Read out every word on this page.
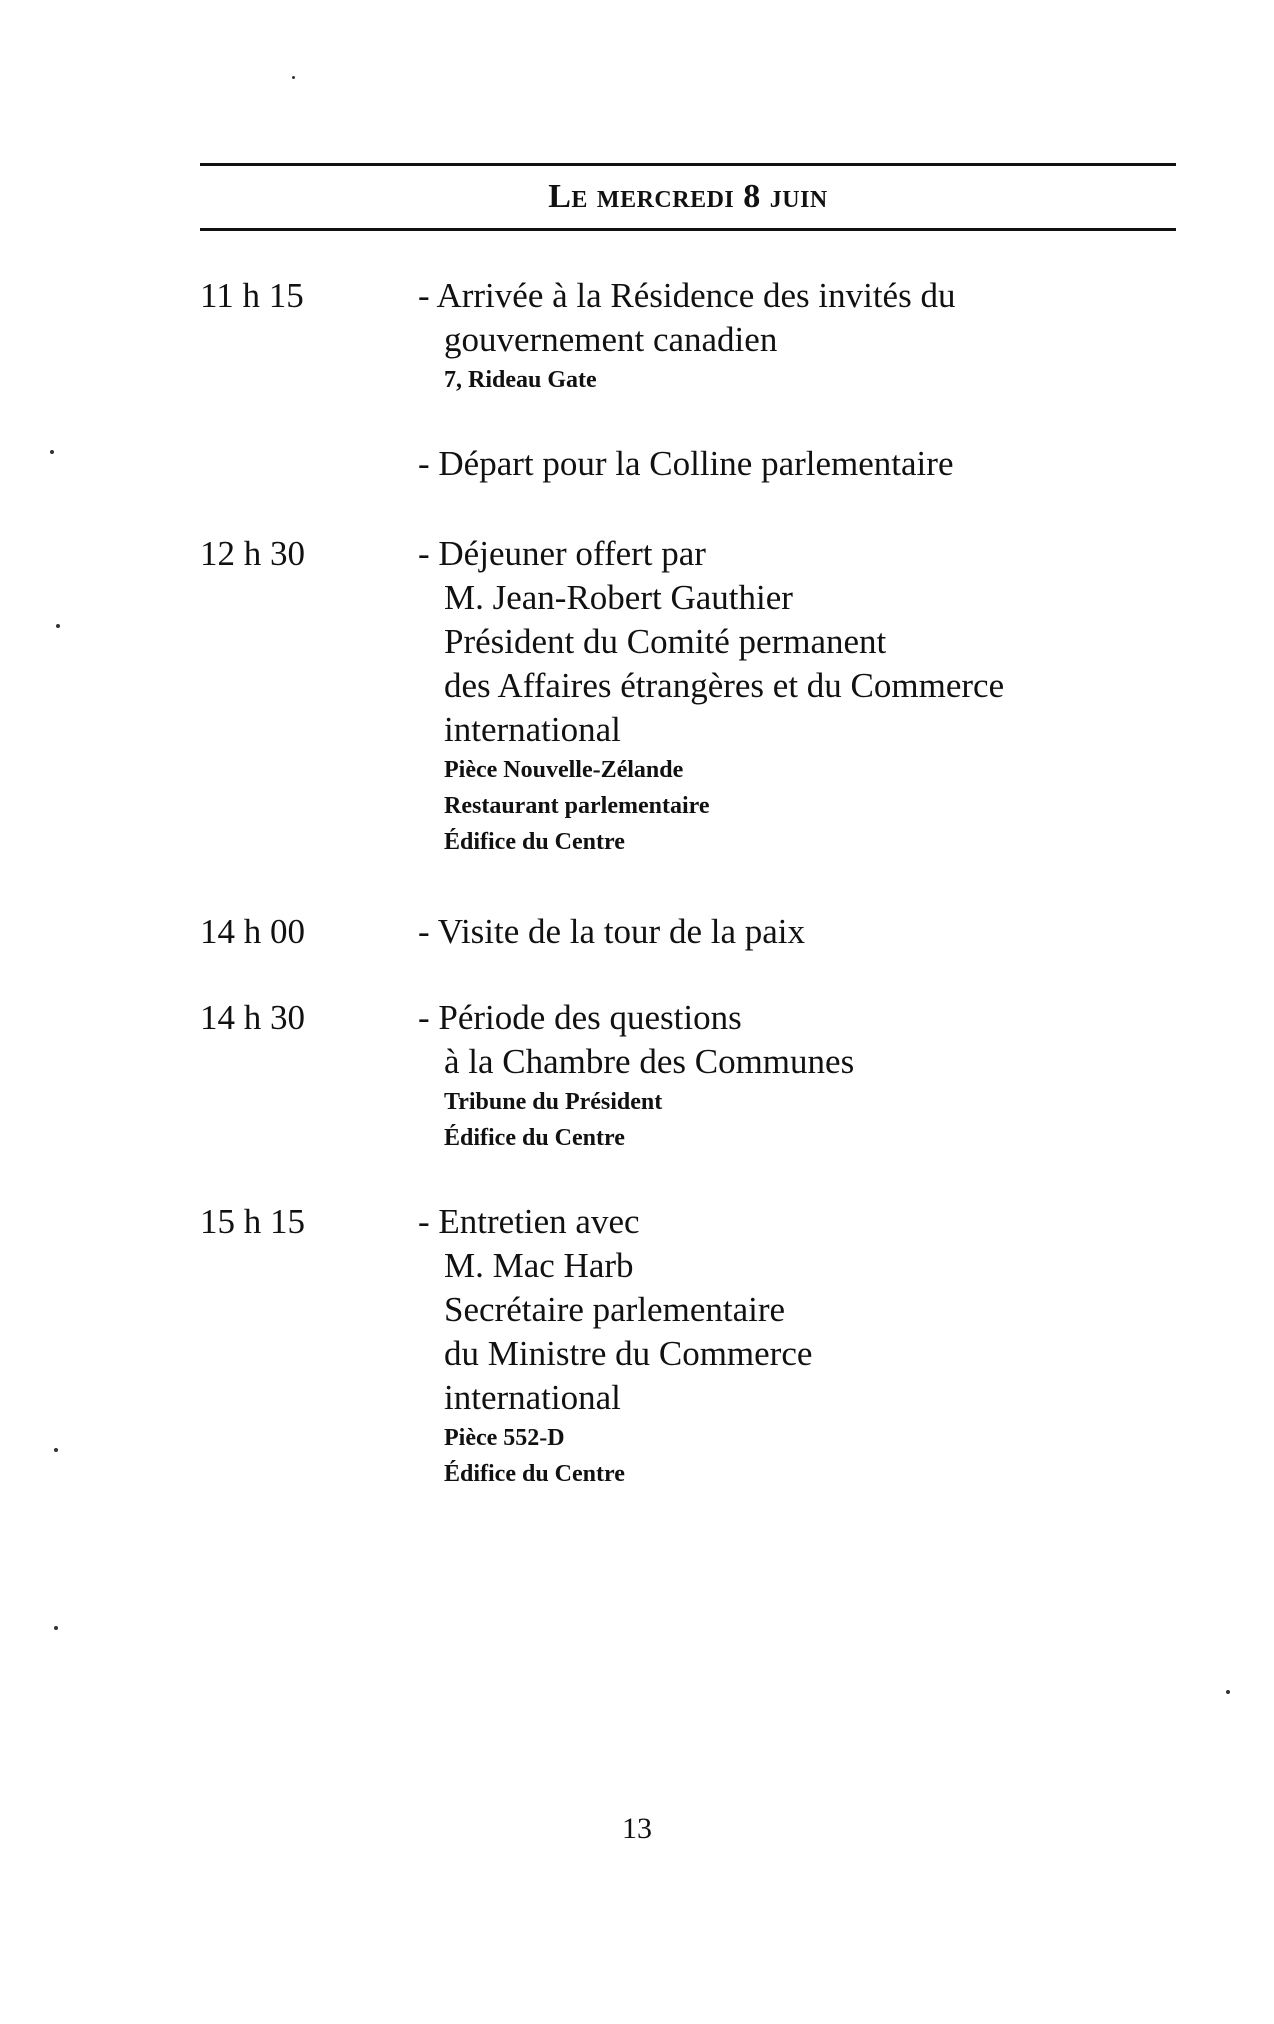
Le mercredi 8 juin
11 h 15	- Arrivée à la Résidence des invités du
gouvernement canadien
7, Rideau Gate
- Départ pour la Colline parlementaire
12 h 30	- Déjeuner offert par
M. Jean-Robert Gauthier
Président du Comité permanent
des Affaires étrangères et du Commerce
international
Pièce Nouvelle-Zélande
Restaurant parlementaire
Édifice du Centre
14 h 00	- Visite de la tour de la paix
14 h 30	- Période des questions
à la Chambre des Communes
Tribune du Président
Édifice du Centre
15 h 15	- Entretien avec
M. Mac Harb
Secrétaire parlementaire
du Ministre du Commerce
international
Pièce 552-D
Édifice du Centre
13
